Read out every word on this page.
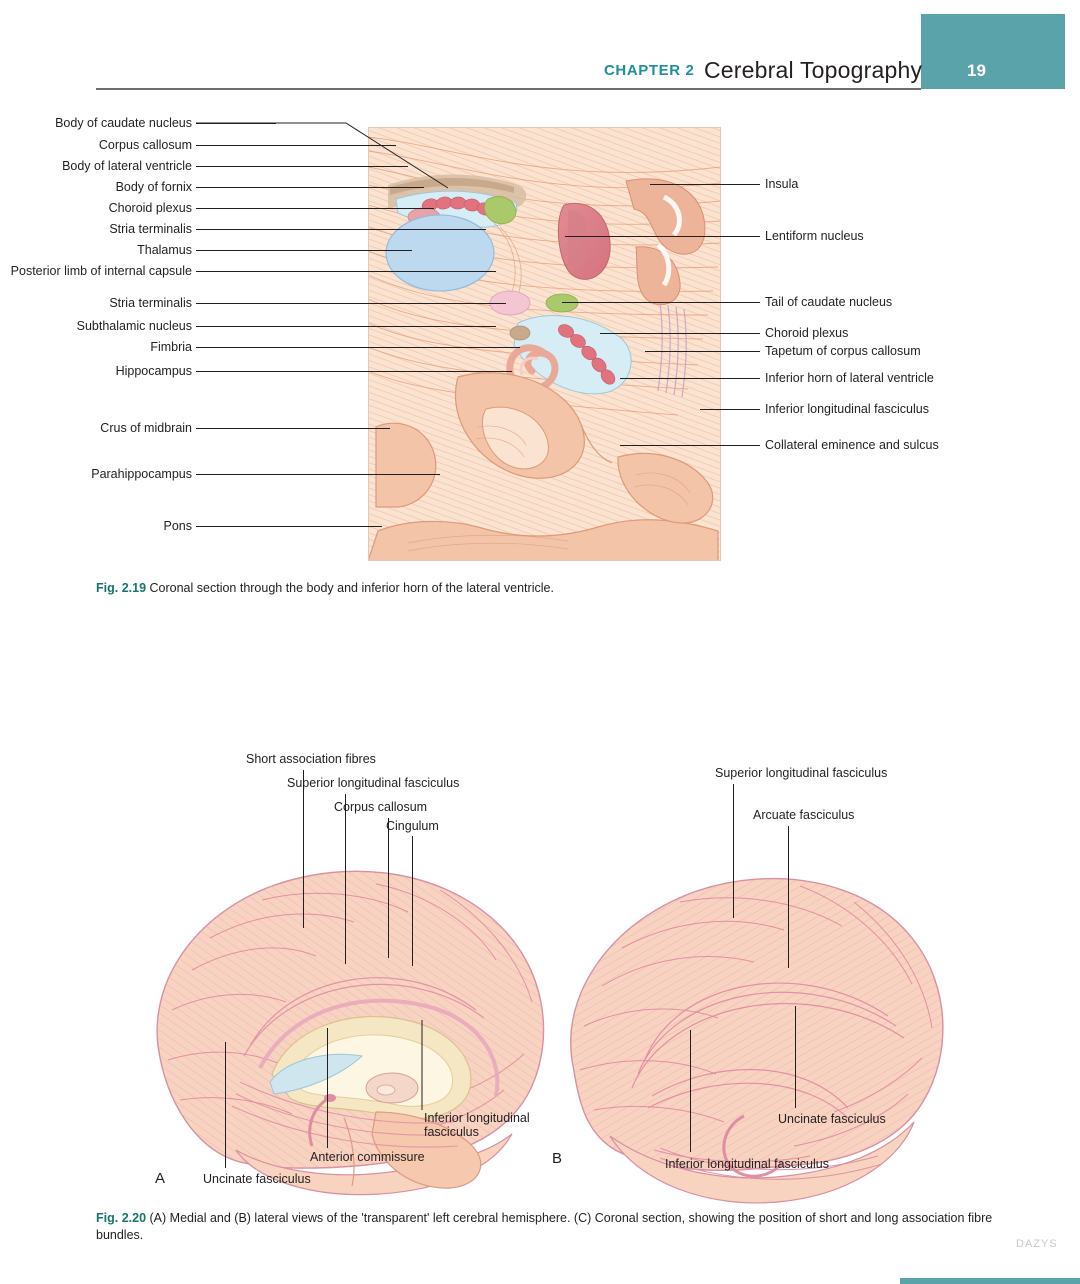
CHAPTER 2 Cerebral Topography	19
Body of caudate nucleus
Corpus callosum
Body of lateral ventricle
Body of fornix
Choroid plexus
Stria terminalis
Thalamus
Posterior limb of internal capsule
Stria terminalis
Subthalamic nucleus
Fimbria
Hippocampus
Crus of midbrain
Parahippocampus
Pons
Insula
Lentiform nucleus
Tail of caudate nucleus
Choroid plexus
Tapetum of corpus callosum
Inferior horn of lateral ventricle
Inferior longitudinal fasciculus
Collateral eminence and sulcus
Fig. 2.19 Coronal section through the body and inferior horn of the lateral ventricle.
Short association fibres
Superior longitudinal fasciculus
Corpus callosum
Cingulum
Inferior longitudinal
fasciculus
Anterior commissure
Uncinate fasciculus
A
Superior longitudinal fasciculus
Arcuate fasciculus
Uncinate fasciculus
Inferior longitudinal fasciculus
B
Fig. 2.20 (A) Medial and (B) lateral views of the 'transparent' left cerebral hemisphere. (C) Coronal section, showing the position of short and long association fibre bundles.
DAZYS
